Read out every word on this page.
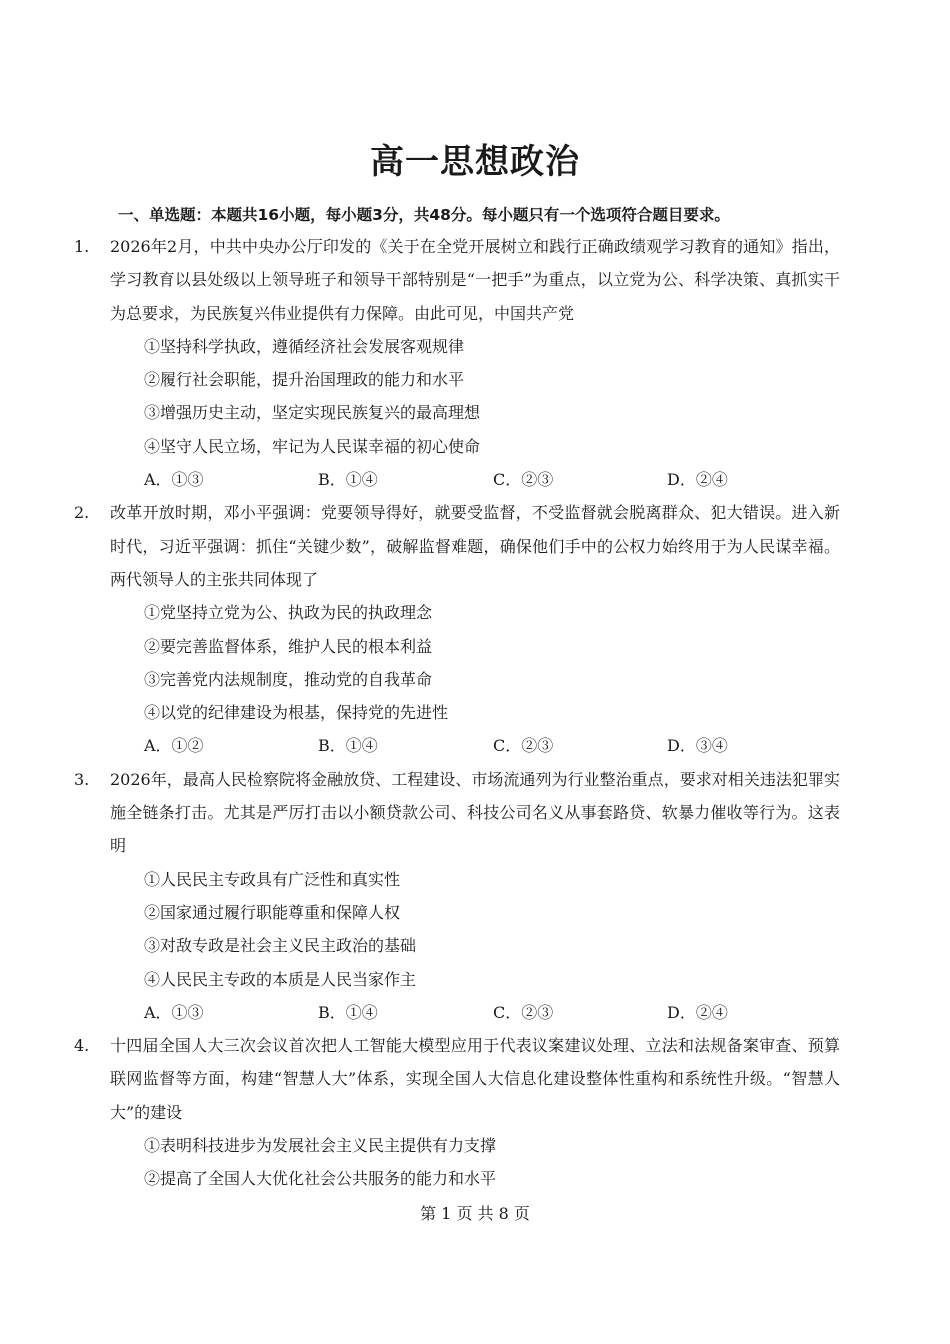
高一思想政治
一、单选题：本题共16小题，每小题3分，共48分。每小题只有一个选项符合题目要求。
1. 2026年2月，中共中央办公厅印发的《关于在全党开展树立和践行正确政绩观学习教育的通知》指出，学习教育以县处级以上领导班子和领导干部特别是“一把手”为重点，以立党为公、科学决策、真抓实干为总要求，为民族复兴伟业提供有力保障。由此可见，中国共产党

①坚持科学执政，遵循经济社会发展客观规律
②履行社会职能，提升治国理政的能力和水平
③增强历史主动，坚定实现民族复兴的最高理想
④坚守人民立场，牢记为人民谋幸福的初心使命
A．①③	B．①④	C．②③	D．②④
2. 改革开放时期，邓小平强调：党要领导得好，就要受监督，不受监督就会脱离群众、犯大错误。进入新时代，习近平强调：抓住“关键少数”，破解监督难题，确保他们手中的公权力始终用于为人民谋幸福。两代领导人的主张共同体现了

①党坚持立党为公、执政为民的执政理念
②要完善监督体系，维护人民的根本利益
③完善党内法规制度，推动党的自我革命
④以党的纪律建设为根基，保持党的先进性
A．①②	B．①④	C．②③	D．③④
3. 2026年，最高人民检察院将金融放贷、工程建设、市场流通列为行业整治重点，要求对相关违法犯罪实施全链条打击。尤其是严厉打击以小额贷款公司、科技公司名义从事套路贷、软暴力催收等行为。这表明

①人民民主专政具有广泛性和真实性
②国家通过履行职能尊重和保障人权
③对敌专政是社会主义民主政治的基础
④人民民主专政的本质是人民当家作主
A．①③	B．①④	C．②③	D．②④
4. 十四届全国人大三次会议首次把人工智能大模型应用于代表议案建议处理、立法和法规备案审查、预算联网监督等方面，构建“智慧人大”体系，实现全国人大信息化建设整体性重构和系统性升级。“智慧人大”的建设

①表明科技进步为发展社会主义民主提供有力支撑
②提高了全国人大优化社会公共服务的能力和水平
第 1 页 共 8 页
